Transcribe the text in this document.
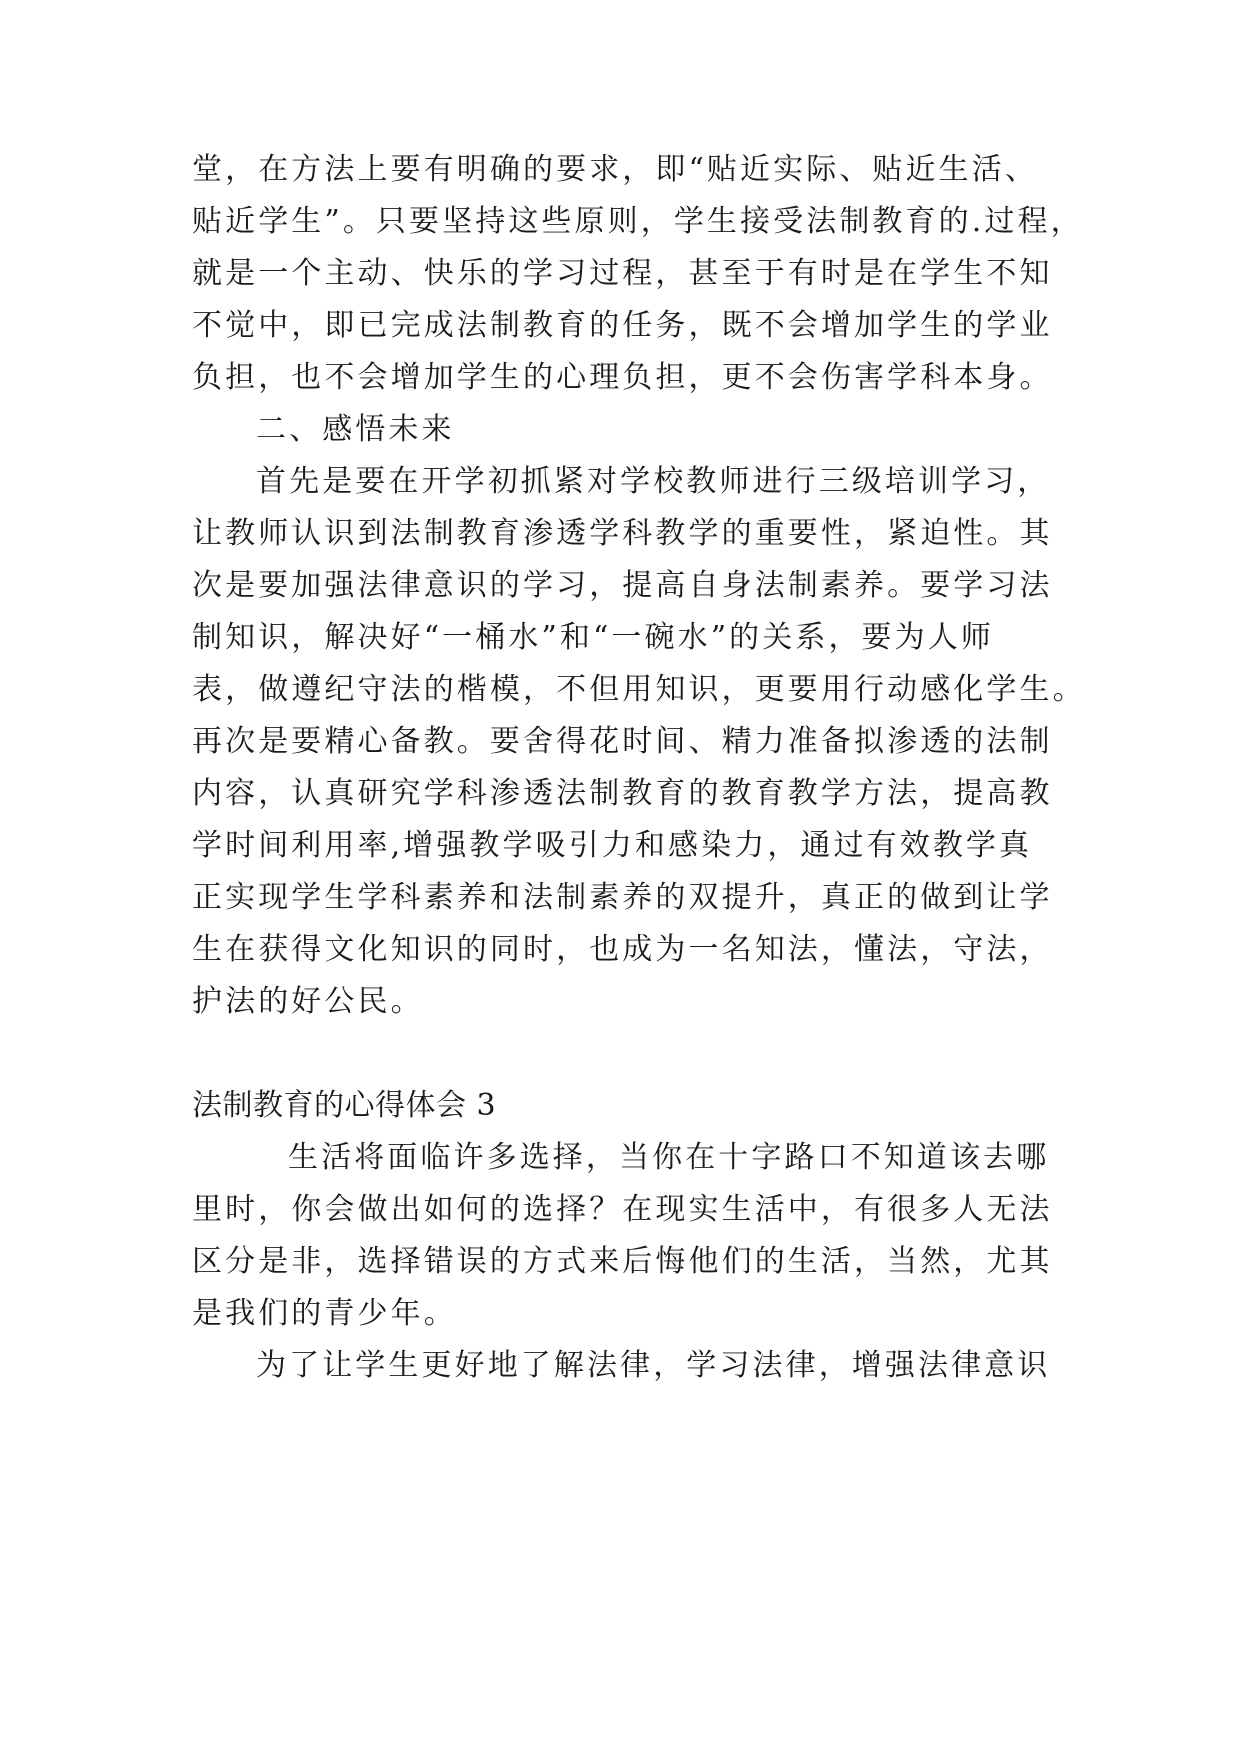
堂，在方法上要有明确的要求，即“贴近实际、贴近生活、
贴近学生”。只要坚持这些原则，学生接受法制教育的.过程，
就是一个主动、快乐的学习过程，甚至于有时是在学生不知
不觉中，即已完成法制教育的任务，既不会增加学生的学业
负担，也不会增加学生的心理负担，更不会伤害学科本身。
二、感悟未来
首先是要在开学初抓紧对学校教师进行三级培训学习，
让教师认识到法制教育渗透学科教学的重要性，紧迫性。其
次是要加强法律意识的学习，提高自身法制素养。要学习法
制知识，解决好“一桶水”和“一碗水”的关系，要为人师
表，做遵纪守法的楷模，不但用知识，更要用行动感化学生。
再次是要精心备教。要舍得花时间、精力准备拟渗透的法制
内容，认真研究学科渗透法制教育的教育教学方法，提高教
学时间利用率,增强教学吸引力和感染力，通过有效教学真
正实现学生学科素养和法制素养的双提升，真正的做到让学
生在获得文化知识的同时，也成为一名知法，懂法，守法，
护法的好公民。
法制教育的心得体会 3
生活将面临许多选择，当你在十字路口不知道该去哪
里时，你会做出如何的选择？在现实生活中，有很多人无法
区分是非，选择错误的方式来后悔他们的生活，当然，尤其
是我们的青少年。
为了让学生更好地了解法律，学习法律，增强法律意识
